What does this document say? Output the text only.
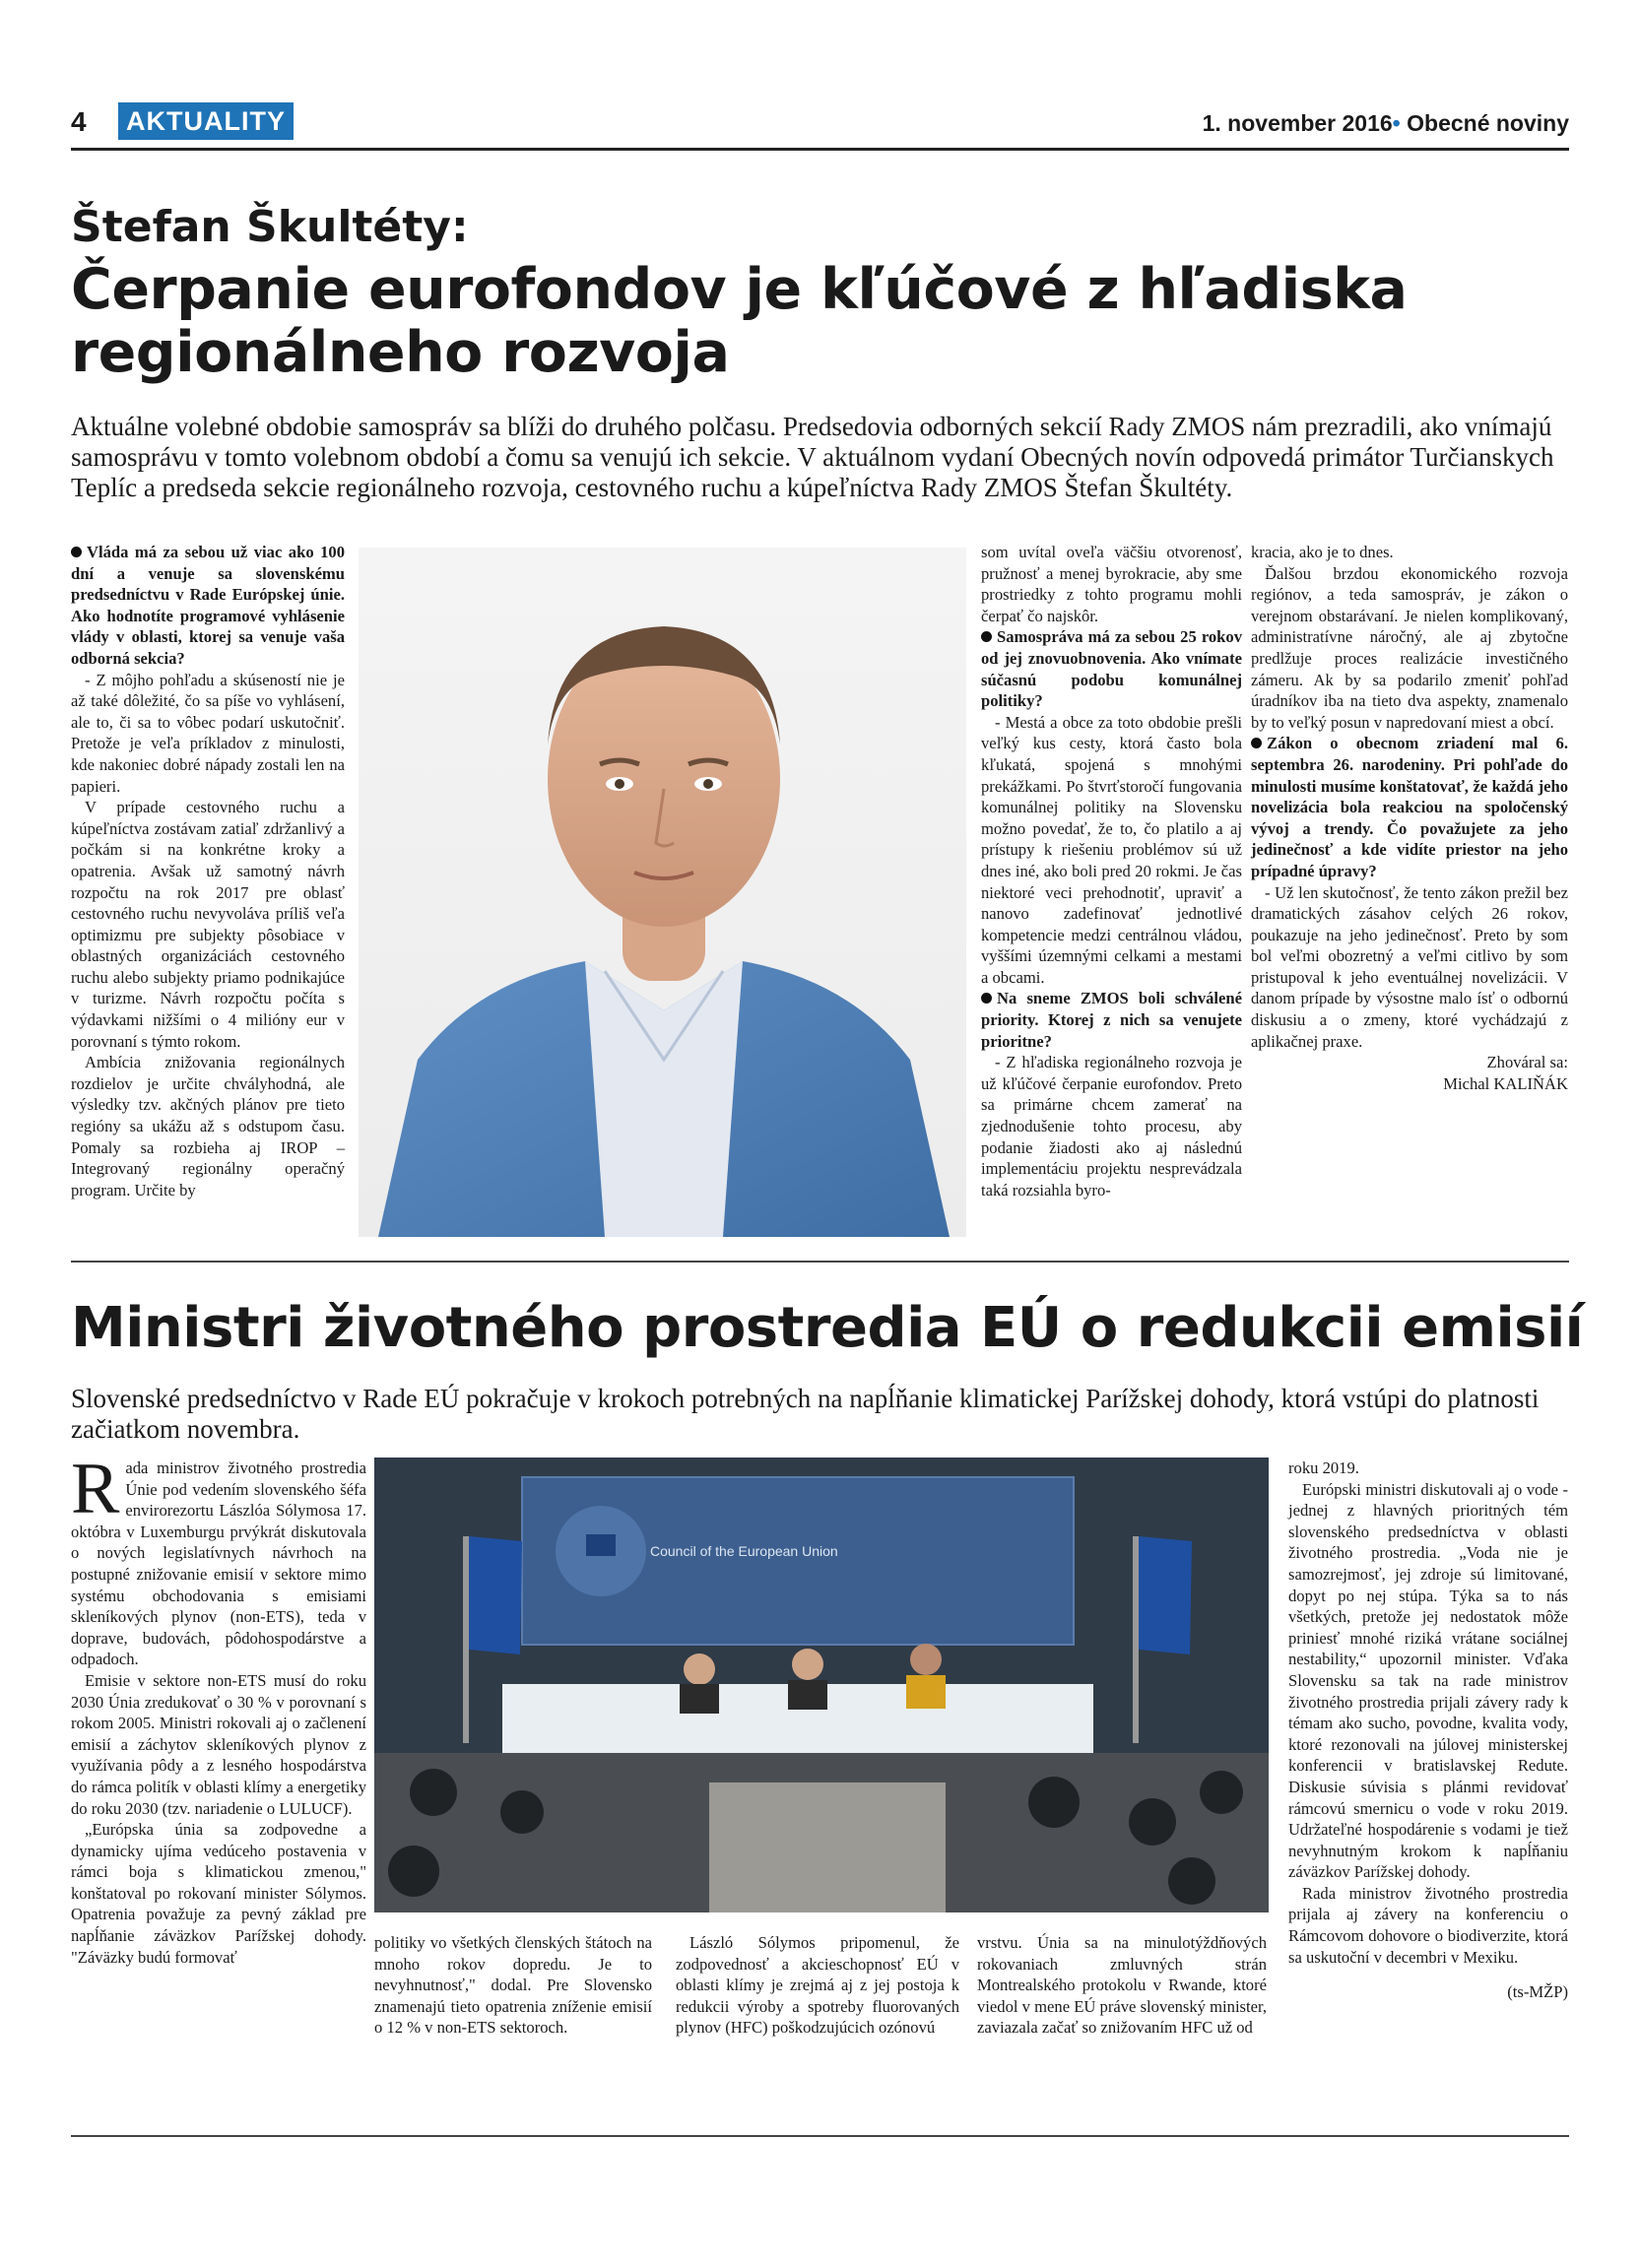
4 AKTUALITY	1. november 2016• Obecné noviny
Štefan Škultéty:
Čerpanie eurofondov je kľúčové z hľadiska
regionálneho rozvoja
Aktuálne volebné obdobie samospráv sa blíži do druhého polčasu. Predsedovia odborných sekcií Rady ZMOS nám prezradili, ako vnímajú samosprávu v tomto volebnom období a čomu sa venujú ich sekcie. V aktuálnom vydaní Obecných novín odpovedá primátor Turčianskych Teplíc a predseda sekcie regionálneho rozvoja, cestovného ruchu a kúpeľníctva Rady ZMOS Štefan Škultéty.

Vláda má za sebou už viac ako 100 dní a venuje sa slovenskému predsedníctvu v Rade Európskej únie. Ako hodnotíte programové vyhlásenie vlády v oblasti, ktorej sa venuje vaša odborná sekcia?

- Z môjho pohľadu a skúseností nie je až také dôležité, čo sa píše vo vyhlásení, ale to, či sa to vôbec podarí uskutočniť. Pretože je veľa príkladov z minulosti, kde nakoniec dobré nápady zostali len na papieri.

V prípade cestovného ruchu a kúpeľníctva zostávam zatiaľ zdržanlivý a počkám si na konkrétne kroky a opatrenia. Avšak už samotný návrh rozpočtu na rok 2017 pre oblasť cestovného ruchu nevyvoláva príliš veľa optimizmu pre subjekty pôsobiace v oblastných organizáciách cestovného ruchu alebo subjekty priamo podnikajúce v turizme. Návrh rozpočtu počíta s výdavkami nižšími o 4 milióny eur v porovnaní s týmto rokom.

Ambícia znižovania regionálnych rozdielov je určite chvályhodná, ale výsledky tzv. akčných plánov pre tieto regióny sa ukážu až s odstupom času. Pomaly sa rozbieha aj IROP – Integrovaný regionálny operačný program. Určite by

som uvítal oveľa väčšiu otvorenosť, pružnosť a menej byrokracie, aby sme prostriedky z tohto programu mohli čerpať čo najskôr.

Samospráva má za sebou 25 rokov od jej znovuobnovenia. Ako vnímate súčasnú podobu komunálnej politiky?

- Mestá a obce za toto obdobie prešli veľký kus cesty, ktorá často bola kľukatá, spojená s mnohými prekážkami. Po štvrťstoročí fungovania komunálnej politiky na Slovensku možno povedať, že to, čo platilo a aj prístupy k riešeniu problémov sú už dnes iné, ako boli pred 20 rokmi. Je čas niektoré veci prehodnotiť, upraviť a nanovo zadefinovať jednotlivé kompetencie medzi centrálnou vládou, vyššími územnými celkami a mestami a obcami.

Na sneme ZMOS boli schválené priority. Ktorej z nich sa venujete prioritne?

- Z hľadiska regionálneho rozvoja je už kľúčové čerpanie eurofondov. Preto sa primárne chcem zamerať na zjednodušenie tohto procesu, aby podanie žiadosti ako aj následnú implementáciu projektu nesprevádzala taká rozsiahla byro-

kracia, ako je to dnes.

Ďalšou brzdou ekonomického rozvoja regiónov, a teda samospráv, je zákon o verejnom obstarávaní. Je nielen komplikovaný, administratívne náročný, ale aj zbytočne predlžuje proces realizácie investičného zámeru. Ak by sa podarilo zmeniť pohľad úradníkov iba na tieto dva aspekty, znamenalo by to veľký posun v napredovaní miest a obcí.

Zákon o obecnom zriadení mal 6. septembra 26. narodeniny. Pri pohľade do minulosti musíme konštatovať, že každá jeho novelizácia bola reakciou na spoločenský vývoj a trendy. Čo považujete za jeho jedinečnosť a kde vidíte priestor na jeho prípadné úpravy?

- Už len skutočnosť, že tento zákon prežil bez dramatických zásahov celých 26 rokov, poukazuje na jeho jedinečnosť. Preto by som bol veľmi obozretný a veľmi citlivo by som pristupoval k jeho eventuálnej novelizácii. V danom prípade by výsostne malo ísť o odbornú diskusiu a o zmeny, ktoré vychádzajú z aplikačnej praxe.

Zhováral sa:

Michal KALIŇÁK

Ministri životného prostredia EÚ o redukcii emisií
Slovenské predsedníctvo v Rade EÚ pokračuje v krokoch potrebných na napĺňanie klimatickej Parížskej dohody, ktorá vstúpi do platnosti začiatkom novembra.

Rada ministrov životného prostredia Únie pod vedením slovenského šéfa envirorezortu Lászlóa Sólymosa 17. októbra v Luxemburgu prvýkrát diskutovala o nových legislatívnych návrhoch na postupné znižovanie emisií v sektore mimo systému obchodovania s emisiami skleníkových plynov (non-ETS), teda v doprave, budovách, pôdohospodárstve a odpadoch.

Emisie v sektore non-ETS musí do roku 2030 Únia zredukovať o 30 % v porovnaní s rokom 2005. Ministri rokovali aj o začlenení emisií a záchytov skleníkových plynov z využívania pôdy a z lesného hospodárstva do rámca politík v oblasti klímy a energetiky do roku 2030 (tzv. nariadenie o LULUCF).

„Európska únia sa zodpovedne a dynamicky ujíma vedúceho postavenia v rámci boja s klimatickou zmenou," konštatoval po rokovaní minister Sólymos. Opatrenia považuje za pevný základ pre napĺňanie záväzkov Parížskej dohody. "Záväzky budú formovať

Council of the European Union

politiky vo všetkých členských štátoch na mnoho rokov dopredu. Je to nevyhnutnosť," dodal. Pre Slovensko znamenajú tieto opatrenia zníženie emisií o 12 % v non-ETS sektoroch.

László Sólymos pripomenul, že zodpovednosť a akcieschopnosť EÚ v oblasti klímy je zrejmá aj z jej postoja k redukcii výroby a spotreby fluorovaných plynov (HFC) poškodzujúcich ozónovú

vrstvu. Únia sa na minulotýždňových rokovaniach zmluvných strán Montrealského protokolu v Rwande, ktoré viedol v mene EÚ práve slovenský minister, zaviazala začať so znižovaním HFC už od

roku 2019.

Európski ministri diskutovali aj o vode - jednej z hlavných prioritných tém slovenského predsedníctva v oblasti životného prostredia. „Voda nie je samozrejmosť, jej zdroje sú limitované, dopyt po nej stúpa. Týka sa to nás všetkých, pretože jej nedostatok môže priniesť mnohé riziká vrátane sociálnej nestability,“ upozornil minister. Vďaka Slovensku sa tak na rade ministrov životného prostredia prijali závery rady k témam ako sucho, povodne, kvalita vody, ktoré rezonovali na júlovej ministerskej konferencii v bratislavskej Redute. Diskusie súvisia s plánmi revidovať rámcovú smernicu o vode v roku 2019. Udržateľné hospodárenie s vodami je tiež nevyhnutným krokom k napĺňaniu záväzkov Parížskej dohody.

Rada ministrov životného prostredia prijala aj závery na konferenciu o Rámcovom dohovore o biodiverzite, ktorá sa uskutoční v decembri v Mexiku.

(ts-MŽP)
